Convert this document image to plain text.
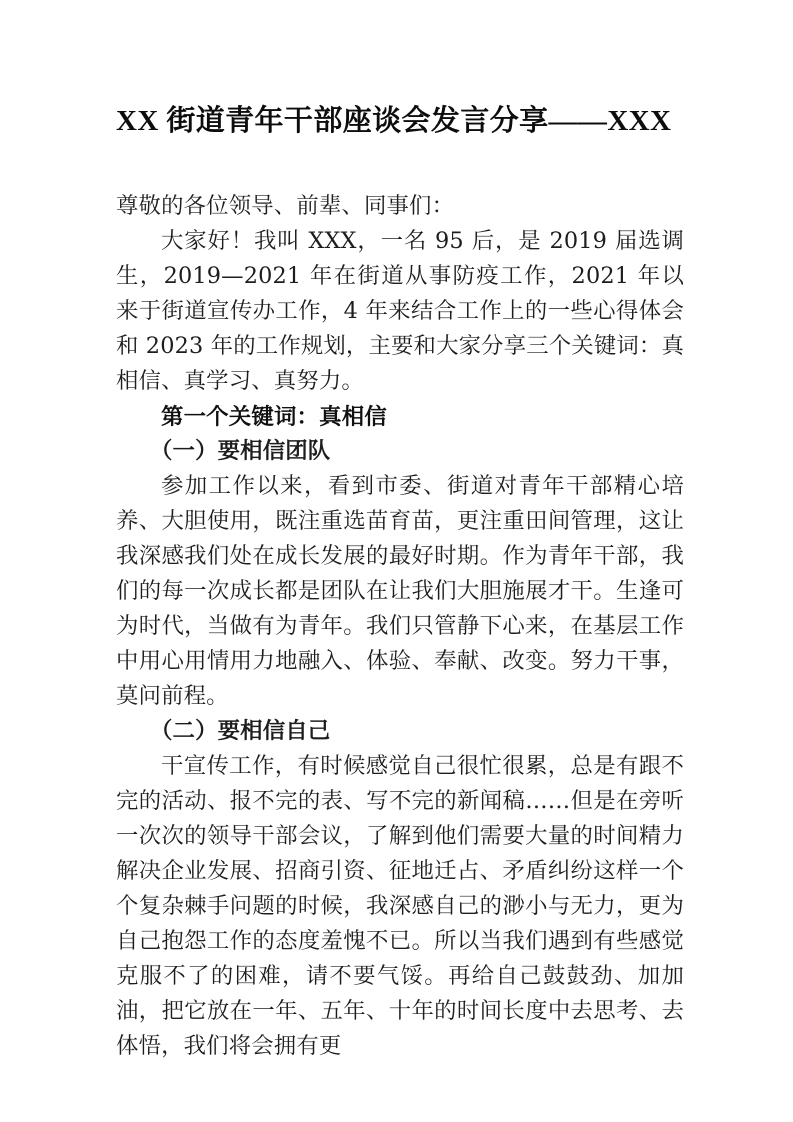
XX 街道青年干部座谈会发言分享——XXX

尊敬的各位领导、前辈、同事们：

大家好！我叫 XXX，一名 95 后，是 2019 届选调生，2019—2021 年在街道从事防疫工作，2021 年以来于街道宣传办工作，4 年来结合工作上的一些心得体会和 2023 年的工作规划，主要和大家分享三个关键词：真相信、真学习、真努力。

第一个关键词：真相信
（一）要相信团队

参加工作以来，看到市委、街道对青年干部精心培养、大胆使用，既注重选苗育苗，更注重田间管理，这让我深感我们处在成长发展的最好时期。作为青年干部，我们的每一次成长都是团队在让我们大胆施展才干。生逢可为时代，当做有为青年。我们只管静下心来，在基层工作中用心用情用力地融入、体验、奉献、改变。努力干事，莫问前程。

（二）要相信自己

干宣传工作，有时候感觉自己很忙很累，总是有跟不完的活动、报不完的表、写不完的新闻稿……但是在旁听一次次的领导干部会议，了解到他们需要大量的时间精力解决企业发展、招商引资、征地迁占、矛盾纠纷这样一个个复杂棘手问题的时候，我深感自己的渺小与无力，更为自己抱怨工作的态度羞愧不已。所以当我们遇到有些感觉克服不了的困难，请不要气馁。再给自己鼓鼓劲、加加油，把它放在一年、五年、十年的时间长度中去思考、去体悟，我们将会拥有更
